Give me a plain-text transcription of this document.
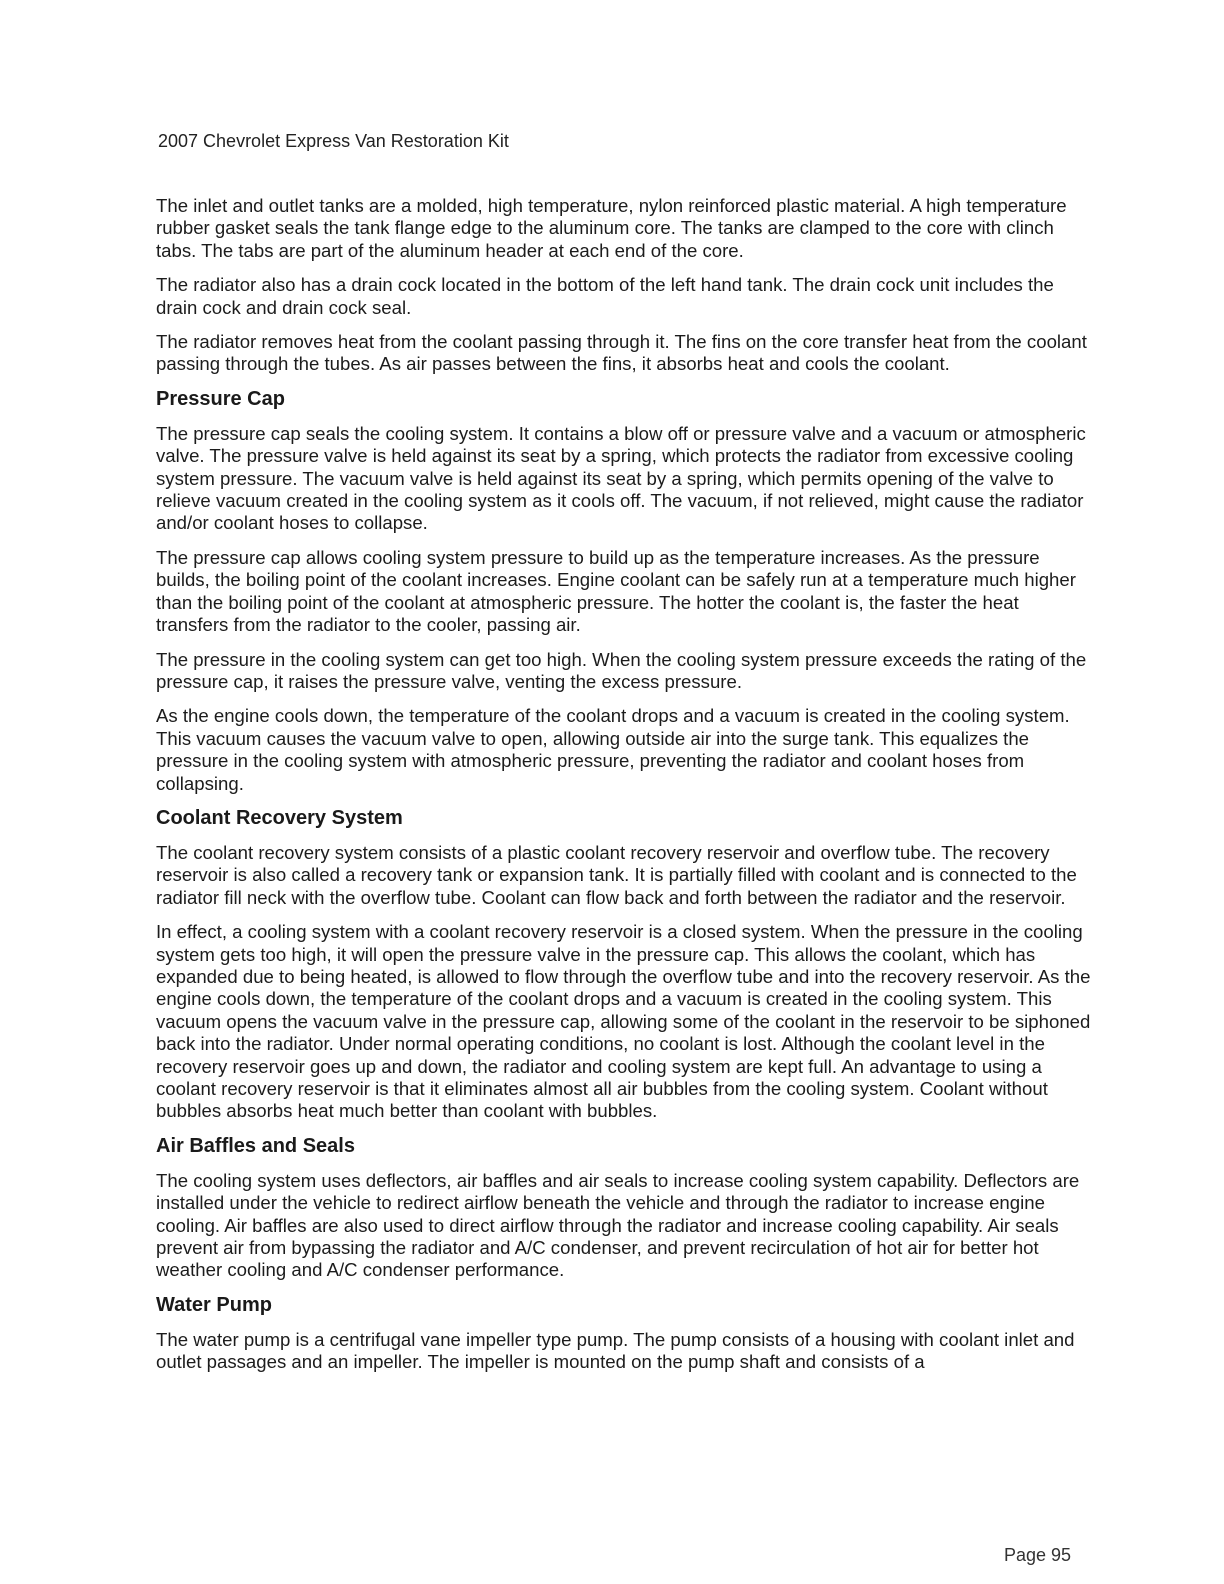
2007 Chevrolet Express Van Restoration Kit

The inlet and outlet tanks are a molded, high temperature, nylon reinforced plastic material. A high temperature rubber gasket seals the tank flange edge to the aluminum core. The tanks are clamped to the core with clinch tabs. The tabs are part of the aluminum header at each end of the core.

The radiator also has a drain cock located in the bottom of the left hand tank. The drain cock unit includes the drain cock and drain cock seal.

The radiator removes heat from the coolant passing through it. The fins on the core transfer heat from the coolant passing through the tubes. As air passes between the fins, it absorbs heat and cools the coolant.

Pressure Cap

The pressure cap seals the cooling system. It contains a blow off or pressure valve and a vacuum or atmospheric valve. The pressure valve is held against its seat by a spring, which protects the radiator from excessive cooling system pressure. The vacuum valve is held against its seat by a spring, which permits opening of the valve to relieve vacuum created in the cooling system as it cools off. The vacuum, if not relieved, might cause the radiator and/or coolant hoses to collapse.

The pressure cap allows cooling system pressure to build up as the temperature increases. As the pressure builds, the boiling point of the coolant increases. Engine coolant can be safely run at a temperature much higher than the boiling point of the coolant at atmospheric pressure. The hotter the coolant is, the faster the heat transfers from the radiator to the cooler, passing air.

The pressure in the cooling system can get too high. When the cooling system pressure exceeds the rating of the pressure cap, it raises the pressure valve, venting the excess pressure.

As the engine cools down, the temperature of the coolant drops and a vacuum is created in the cooling system. This vacuum causes the vacuum valve to open, allowing outside air into the surge tank. This equalizes the pressure in the cooling system with atmospheric pressure, preventing the radiator and coolant hoses from collapsing.

Coolant Recovery System

The coolant recovery system consists of a plastic coolant recovery reservoir and overflow tube. The recovery reservoir is also called a recovery tank or expansion tank. It is partially filled with coolant and is connected to the radiator fill neck with the overflow tube. Coolant can flow back and forth between the radiator and the reservoir.

In effect, a cooling system with a coolant recovery reservoir is a closed system. When the pressure in the cooling system gets too high, it will open the pressure valve in the pressure cap. This allows the coolant, which has expanded due to being heated, is allowed to flow through the overflow tube and into the recovery reservoir. As the engine cools down, the temperature of the coolant drops and a vacuum is created in the cooling system. This vacuum opens the vacuum valve in the pressure cap, allowing some of the coolant in the reservoir to be siphoned back into the radiator. Under normal operating conditions, no coolant is lost. Although the coolant level in the recovery reservoir goes up and down, the radiator and cooling system are kept full. An advantage to using a coolant recovery reservoir is that it eliminates almost all air bubbles from the cooling system. Coolant without bubbles absorbs heat much better than coolant with bubbles.

Air Baffles and Seals

The cooling system uses deflectors, air baffles and air seals to increase cooling system capability. Deflectors are installed under the vehicle to redirect airflow beneath the vehicle and through the radiator to increase engine cooling. Air baffles are also used to direct airflow through the radiator and increase cooling capability. Air seals prevent air from bypassing the radiator and A/C condenser, and prevent recirculation of hot air for better hot weather cooling and A/C condenser performance.

Water Pump

The water pump is a centrifugal vane impeller type pump. The pump consists of a housing with coolant inlet and outlet passages and an impeller. The impeller is mounted on the pump shaft and consists of a

Page 95
